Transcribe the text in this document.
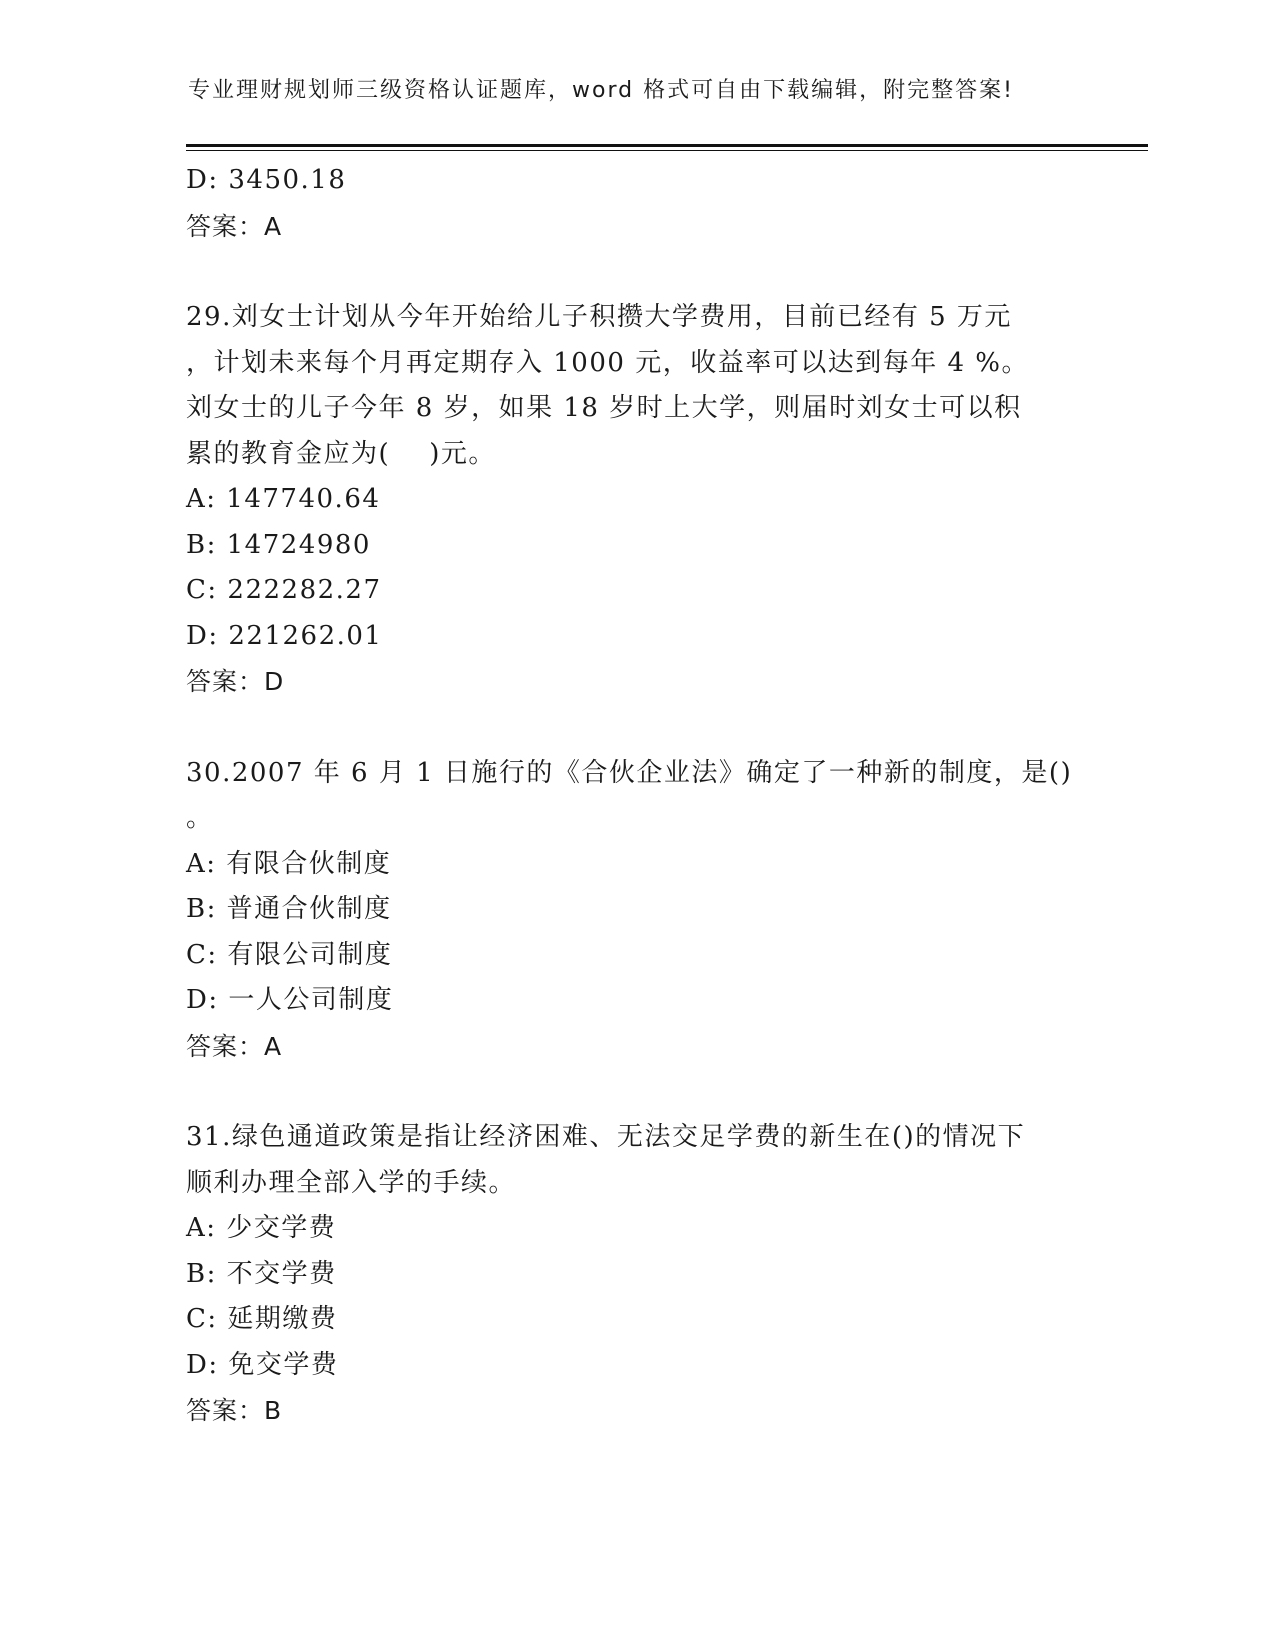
专业理财规划师三级资格认证题库，word 格式可自由下载编辑，附完整答案!
D: 3450.18
答案：A
29.刘女士计划从今年开始给儿子积攒大学费用，目前已经有 5 万元
，计划未来每个月再定期存入 1000 元，收益率可以达到每年 4 %。
刘女士的儿子今年 8 岁，如果 18 岁时上大学，则届时刘女士可以积
累的教育金应为(    )元。
A: 147740.64
B: 14724980
C: 222282.27
D: 221262.01
答案：D
30.2007 年 6 月 1 日施行的《合伙企业法》确定了一种新的制度，是()
。
A: 有限合伙制度
B: 普通合伙制度
C: 有限公司制度
D: 一人公司制度
答案：A
31.绿色通道政策是指让经济困难、无法交足学费的新生在()的情况下
顺利办理全部入学的手续。
A: 少交学费
B: 不交学费
C: 延期缴费
D: 免交学费
答案：B
